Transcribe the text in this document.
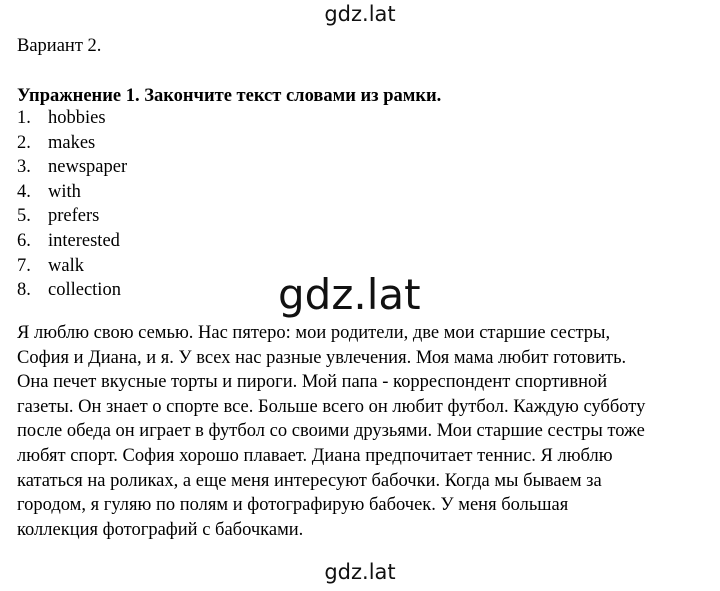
gdz.lat
gdz.lat
gdz.lat
Вариант 2.
Упражнение 1. Закончите текст словами из рамки.
1. hobbies
2. makes
3. newspaper
4. with
5. prefers
6. interested
7. walk
8. collection

Я люблю свою семью. Нас пятеро: мои родители, две мои старшие сестры,
София и Диана, и я. У всех нас разные увлечения. Моя мама любит готовить.
Она печет вкусные торты и пироги. Мой папа - корреспондент спортивной
газеты. Он знает о спорте все. Больше всего он любит футбол. Каждую субботу
после обеда он играет в футбол со своими друзьями. Мои старшие сестры тоже
любят спорт. София хорошо плавает. Диана предпочитает теннис. Я люблю
кататься на роликах, а еще меня интересуют бабочки. Когда мы бываем за
городом, я гуляю по полям и фотографирую бабочек. У меня большая
коллекция фотографий с бабочками.
